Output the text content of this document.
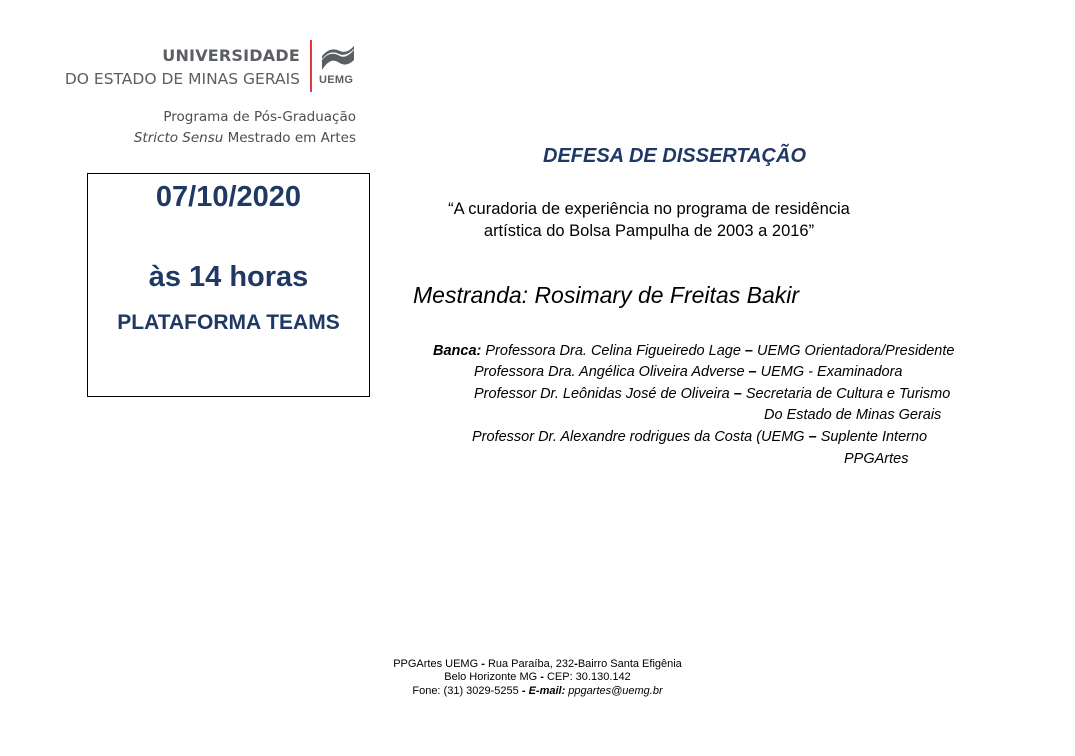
UNIVERSIDADE
DO ESTADO DE MINAS GERAIS UEMG
Programa de Pós-Graduação
Stricto Sensu Mestrado em Artes
07/10/2020
às 14 horas
PLATAFORMA TEAMS
DEFESA DE DISSERTAÇÃO
“A curadoria de experiência no programa de residência
artística do Bolsa Pampulha de 2003 a 2016”
Mestranda: Rosimary de Freitas Bakir
Banca: Professora Dra. Celina Figueiredo Lage – UEMG Orientadora/Presidente
Professora Dra. Angélica Oliveira Adverse – UEMG - Examinadora
Professor Dr. Leônidas José de Oliveira – Secretaria de Cultura e Turismo
Do Estado de Minas Gerais
Professor Dr. Alexandre rodrigues da Costa (UEMG – Suplente Interno
PPGArtes
PPGArtes UEMG - Rua Paraíba, 232-Bairro Santa Efigênia
Belo Horizonte MG - CEP: 30.130.142
Fone: (31) 3029-5255 - E-mail: ppgartes@uemg.br
